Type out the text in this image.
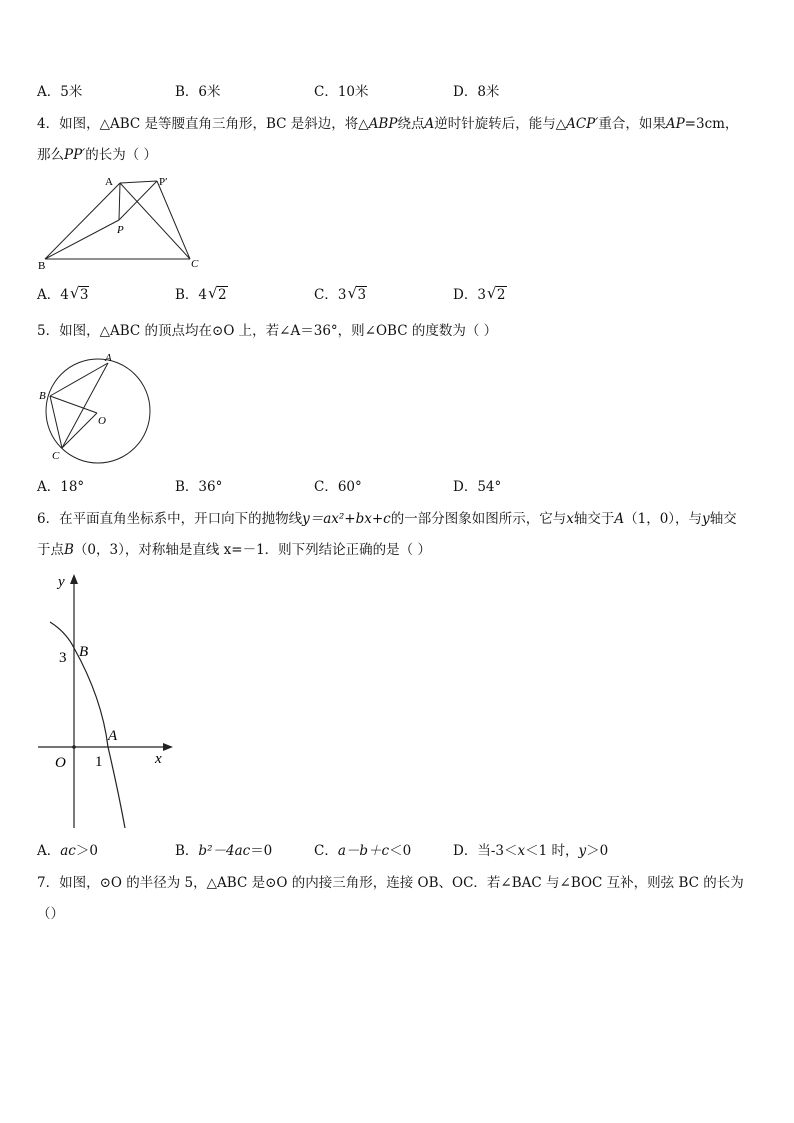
A．5米	B．6米	C．10米	D．8米
4．如图，△ABC 是等腰直角三角形，BC 是斜边，将△ABP绕点A逆时针旋转后，能与△ACP′重合，如果AP=3cm，
那么PP′的长为（ ）
A	P′
P
B	C
A．4 √ 3	B．4 √ 2	C．3 √ 3	D．3 √ 2
5．如图，△ABC 的顶点均在⊙O 上，若∠A＝36°，则∠OBC 的度数为（ ）
A
B
O
C
A．18°	B．36°	C．60°	D．54°
6．在平面直角坐标系中，开口向下的抛物线y＝ax²+bx+c的一部分图象如图所示，它与x轴交于A（1，0），与y轴交
于点B（0，3），对称轴是直线 x=－1．则下列结论正确的是（ ）
y
x
O
3
1
B
A
A．ac＞0	B．b²－4ac＝0	C．a－b＋c＜0	D．当-3＜x＜1 时，y＞0
7．如图，⊙O 的半径为 5，△ABC 是⊙O 的内接三角形，连接 OB、OC．若∠BAC 与∠BOC 互补，则弦 BC 的长为
（）
